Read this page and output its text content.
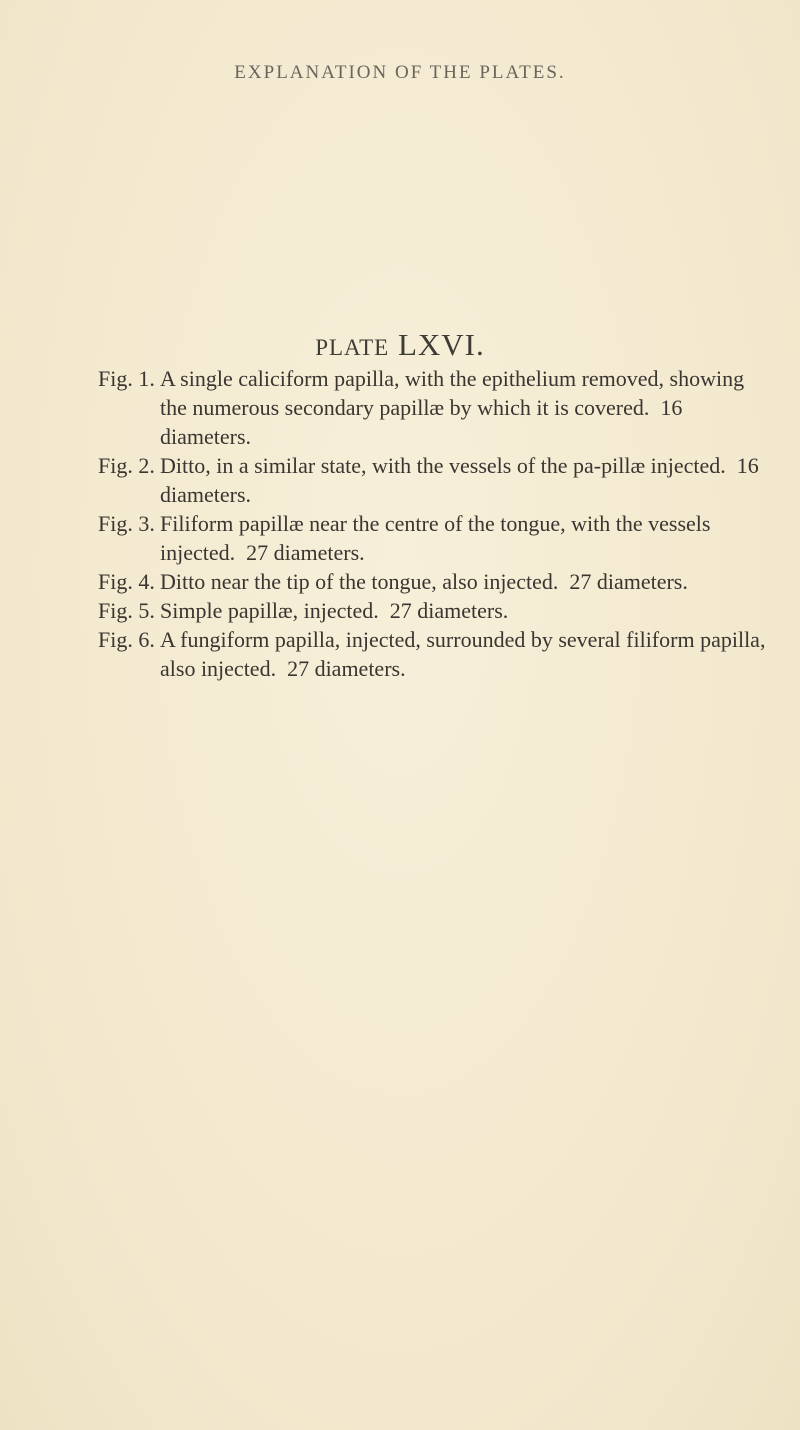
EXPLANATION OF THE PLATES.
PLATE LXVI.
Fig. 1. A single caliciform papilla, with the epithelium removed, showing the numerous secondary papillæ by which it is covered.  16 diameters.
Fig. 2. Ditto, in a similar state, with the vessels of the pa-pillæ injected.  16 diameters.
Fig. 3. Filiform papillæ near the centre of the tongue, with the vessels injected.  27 diameters.
Fig. 4. Ditto near the tip of the tongue, also injected.  27 diameters.
Fig. 5. Simple papillæ, injected.  27 diameters.
Fig. 6. A fungiform papilla, injected, surrounded by several filiform papilla, also injected.  27 diameters.
